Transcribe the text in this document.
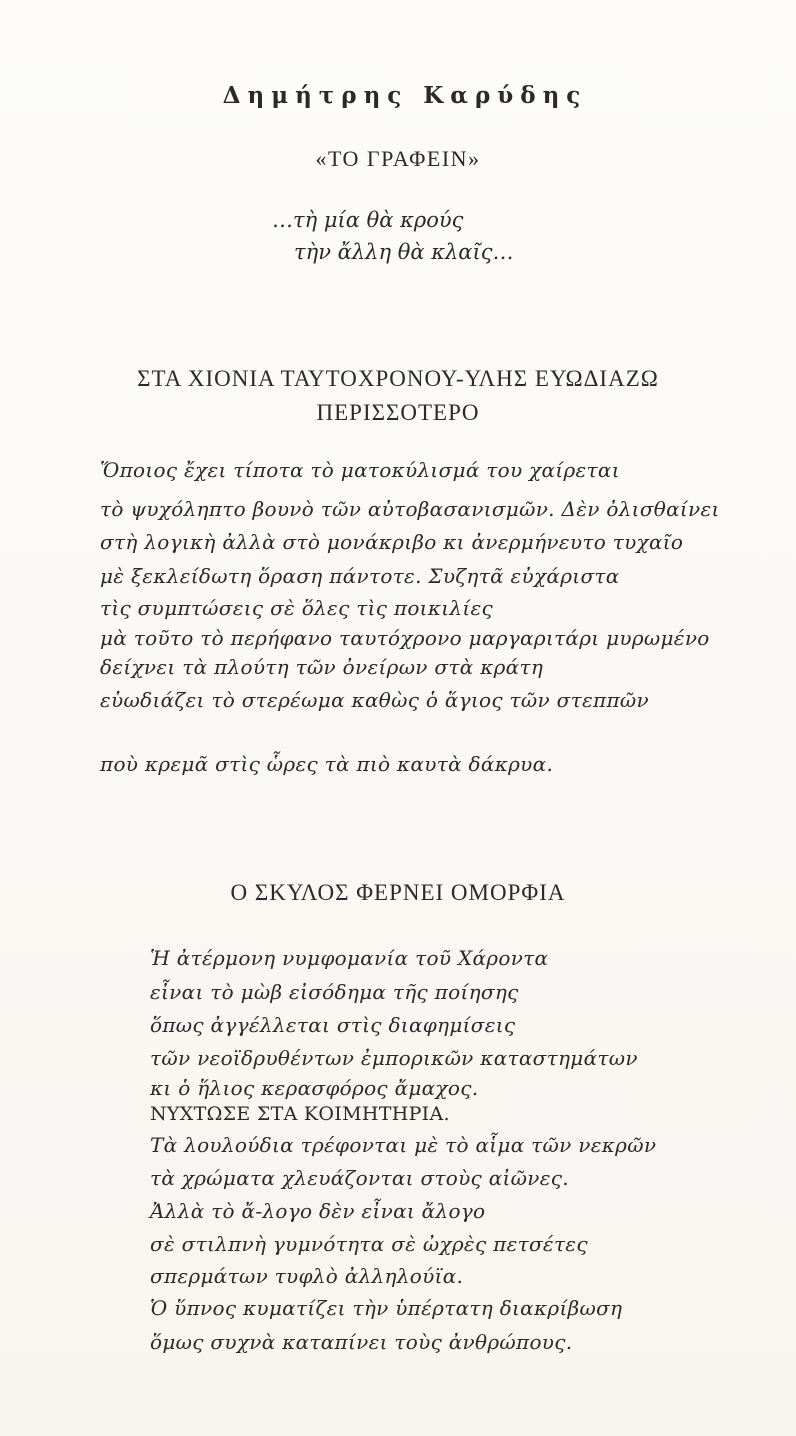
Δημήτρης Καρύδης
«ΤΟ ΓΡΑΦΕΙΝ»
…τὴ μία θὰ κρούς
τὴν ἄλλη θὰ κλαῖς…
ΣΤΑ ΧΙΟΝΙΑ ΤΑΥΤΟΧΡΟΝΟΥ-ΥΛΗΣ ΕΥΩΔΙΑΖΩ
ΠΕΡΙΣΣΟΤΕΡΟ
Ὅποιος ἔχει τίποτα τὸ ματοκύλισμά του χαίρεται
τὸ ψυχόληπτο βουνὸ τῶν αὐτοβασανισμῶν. Δὲν ὀλισθαίνει
στὴ λογικὴ ἀλλὰ στὸ μονάκριβο κι ἀνερμήνευτο τυχαῖο
μὲ ξεκλείδωτη ὅραση πάντοτε. Συζητᾶ εὐχάριστα
τὶς συμπτώσεις σὲ ὅλες τὶς ποικιλίες
μὰ τοῦτο τὸ περήφανο ταυτόχρονο μαργαριτάρι μυρωμένο
δείχνει τὰ πλούτη τῶν ὀνείρων στὰ κράτη
εὐωδιάζει τὸ στερέωμα καθὼς ὁ ἅγιος τῶν στεππῶν
ποὺ κρεμᾶ στὶς ὧρες τὰ πιὸ καυτὰ δάκρυα.
Ο ΣΚΥΛΟΣ ΦΕΡΝΕΙ ΟΜΟΡΦΙΑ
Ἡ ἀτέρμονη νυμφομανία τοῦ Χάροντα
εἶναι τὸ μὼβ εἰσόδημα τῆς ποίησης
ὅπως ἀγγέλλεται στὶς διαφημίσεις
τῶν νεοϊδρυθέντων ἐμπορικῶν καταστημάτων
κι ὁ ἥλιος κερασφόρος ἄμαχος.
ΝΥΧΤΩΣΕ ΣΤΑ ΚΟΙΜΗΤΗΡΙΑ.
Τὰ λουλούδια τρέφονται μὲ τὸ αἷμα τῶν νεκρῶν
τὰ χρώματα χλευάζονται στοὺς αἰῶνες.
Ἀλλὰ τὸ ἄ-λογο δὲν εἶναι ἄλογο
σὲ στιλπνὴ γυμνότητα σὲ ὠχρὲς πετσέτες
σπερμάτων τυφλὸ ἀλληλούϊα.
Ὁ ὕπνος κυματίζει τὴν ὑπέρτατη διακρίβωση
ὅμως συχνὰ καταπίνει τοὺς ἀνθρώπους.
